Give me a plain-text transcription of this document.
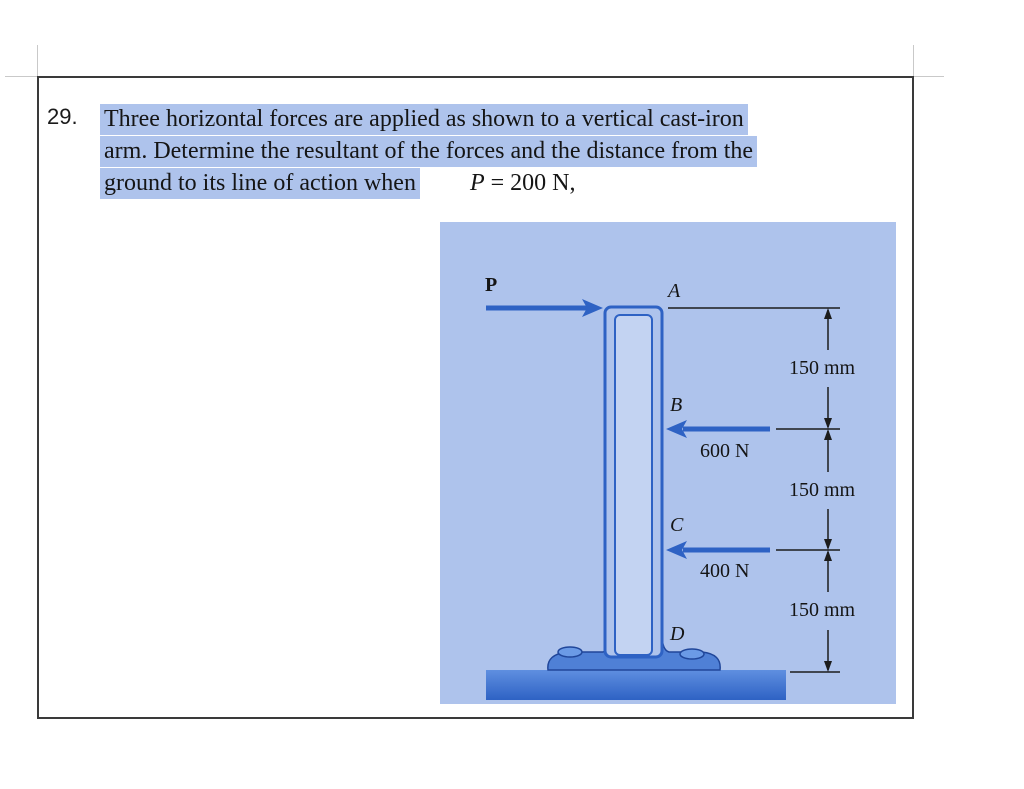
29. Three horizontal forces are applied as shown to a vertical cast-iron
arm. Determine the resultant of the forces and the distance from the
ground to its line of action when P = 200 N,
P	A
B
600 N
C
400 N
D
150 mm
150 mm
150 mm
